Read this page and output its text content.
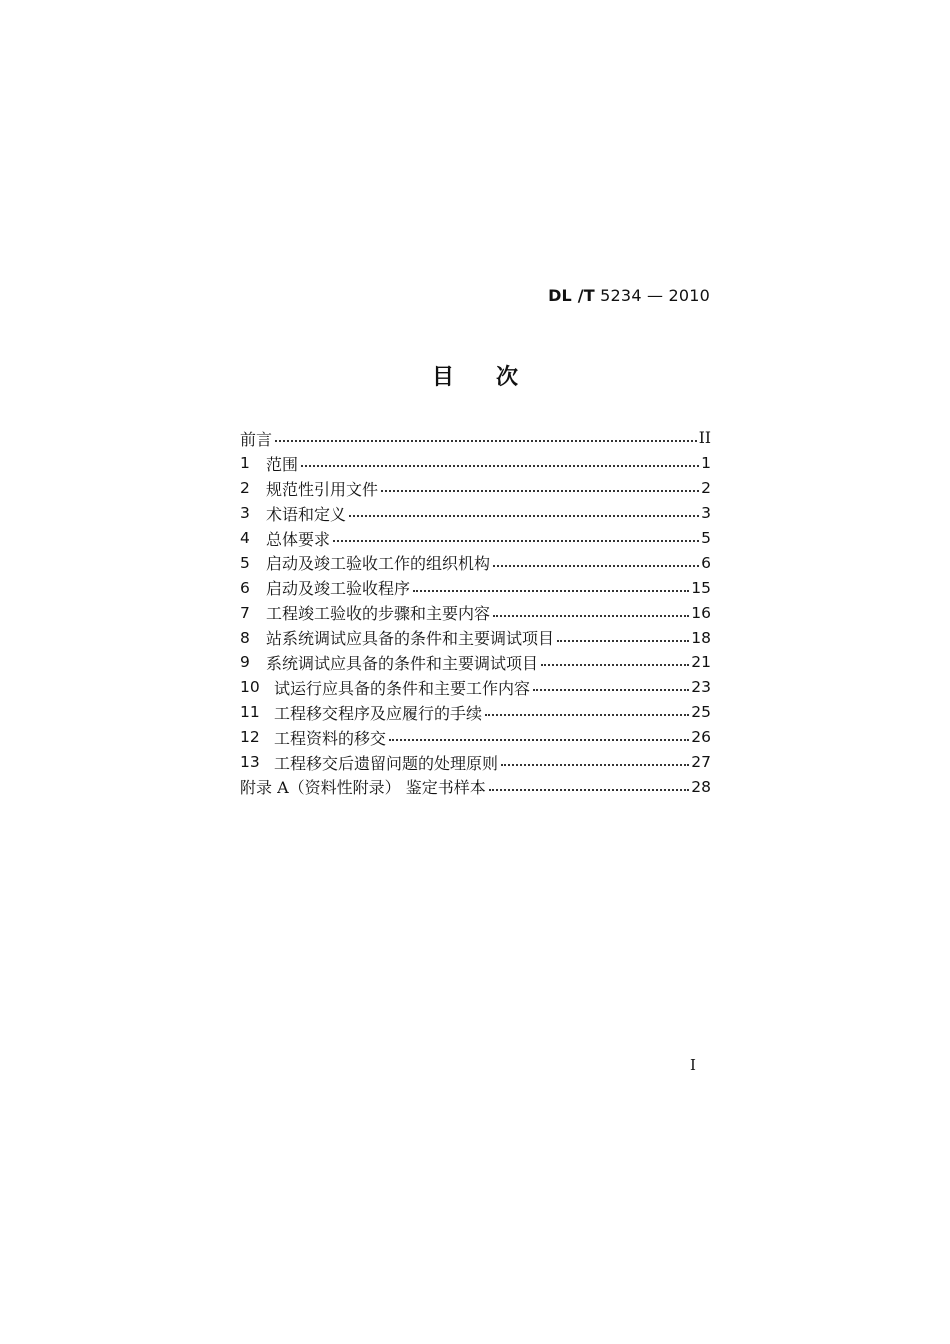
DL /T 5234 — 2010
目次
前言	II
1	范围	1
2	规范性引用文件	2
3	术语和定义	3
4	总体要求	5
5	启动及竣工验收工作的组织机构	6
6	启动及竣工验收程序	15
7	工程竣工验收的步骤和主要内容	16
8	站系统调试应具备的条件和主要调试项目	18
9	系统调试应具备的条件和主要调试项目	21
10 试运行应具备的条件和主要工作内容	23
11 工程移交程序及应履行的手续	25
12 工程资料的移交	26
13 工程移交后遗留问题的处理原则	27
附录 A（资料性附录） 鉴定书样本	28
I
